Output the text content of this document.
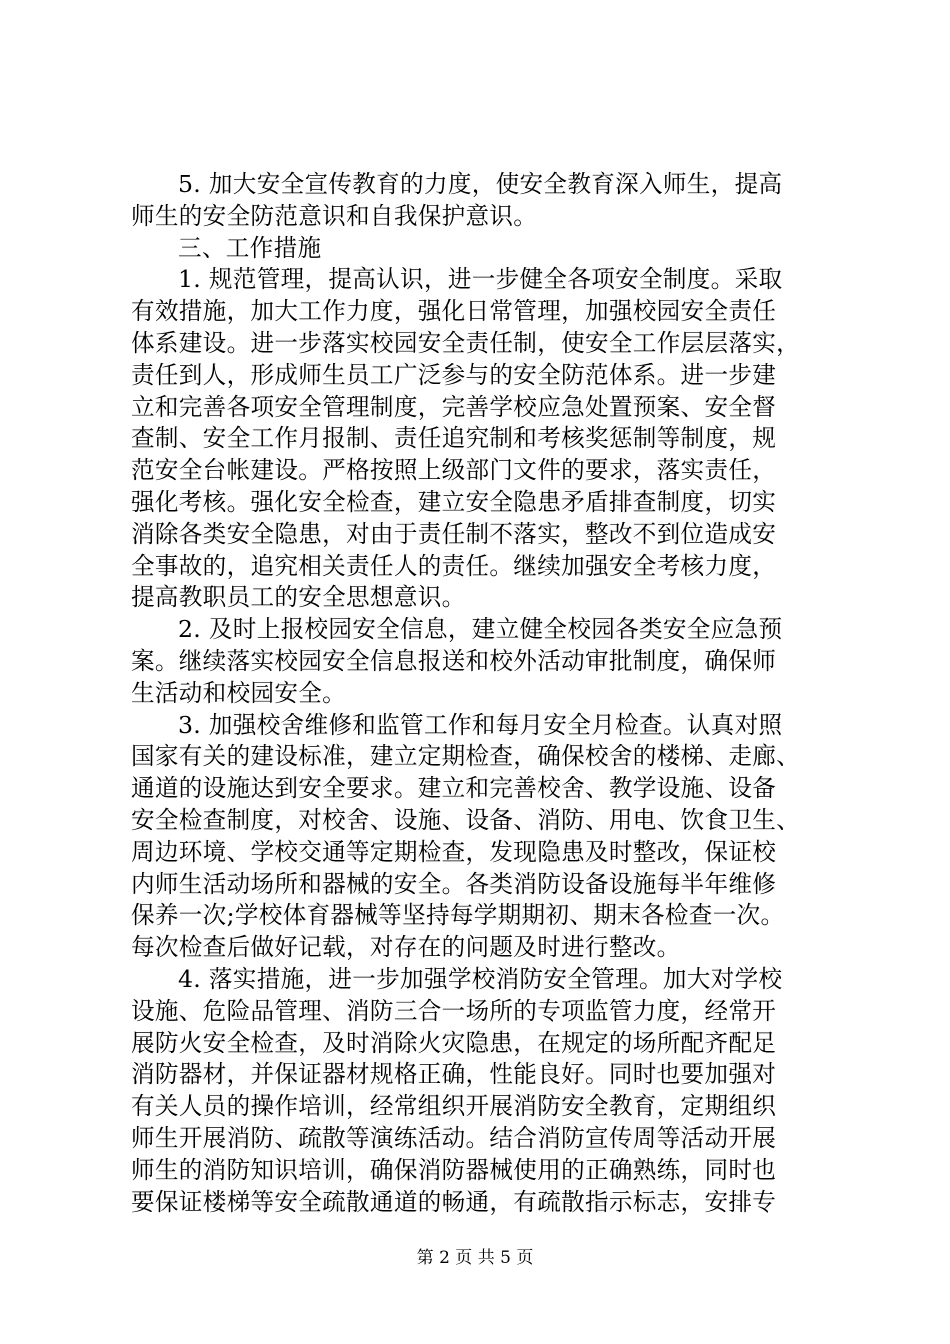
5. 加大安全宣传教育的力度，使安全教育深入师生，提高
师生的安全防范意识和自我保护意识。
三、工作措施
1. 规范管理，提高认识，进一步健全各项安全制度。采取
有效措施，加大工作力度，强化日常管理，加强校园安全责任
体系建设。进一步落实校园安全责任制，使安全工作层层落实，
责任到人，形成师生员工广泛参与的安全防范体系。进一步建
立和完善各项安全管理制度，完善学校应急处置预案、安全督
查制、安全工作月报制、责任追究制和考核奖惩制等制度，规
范安全台帐建设。严格按照上级部门文件的要求，落实责任，
强化考核。强化安全检查，建立安全隐患矛盾排查制度，切实
消除各类安全隐患，对由于责任制不落实，整改不到位造成安
全事故的，追究相关责任人的责任。继续加强安全考核力度，
提高教职员工的安全思想意识。
2. 及时上报校园安全信息，建立健全校园各类安全应急预
案。继续落实校园安全信息报送和校外活动审批制度，确保师
生活动和校园安全。
3. 加强校舍维修和监管工作和每月安全月检查。认真对照
国家有关的建设标准，建立定期检查，确保校舍的楼梯、走廊、
通道的设施达到安全要求。建立和完善校舍、教学设施、设备
安全检查制度，对校舍、设施、设备、消防、用电、饮食卫生、
周边环境、学校交通等定期检查，发现隐患及时整改，保证校
内师生活动场所和器械的安全。各类消防设备设施每半年维修
保养一次;学校体育器械等坚持每学期期初、期末各检查一次。
每次检查后做好记载，对存在的问题及时进行整改。
4. 落实措施，进一步加强学校消防安全管理。加大对学校
设施、危险品管理、消防三合一场所的专项监管力度，经常开
展防火安全检查，及时消除火灾隐患，在规定的场所配齐配足
消防器材，并保证器材规格正确，性能良好。同时也要加强对
有关人员的操作培训，经常组织开展消防安全教育，定期组织
师生开展消防、疏散等演练活动。结合消防宣传周等活动开展
师生的消防知识培训，确保消防器械使用的正确熟练，同时也
要保证楼梯等安全疏散通道的畅通，有疏散指示标志，安排专
第 2 页 共 5 页
